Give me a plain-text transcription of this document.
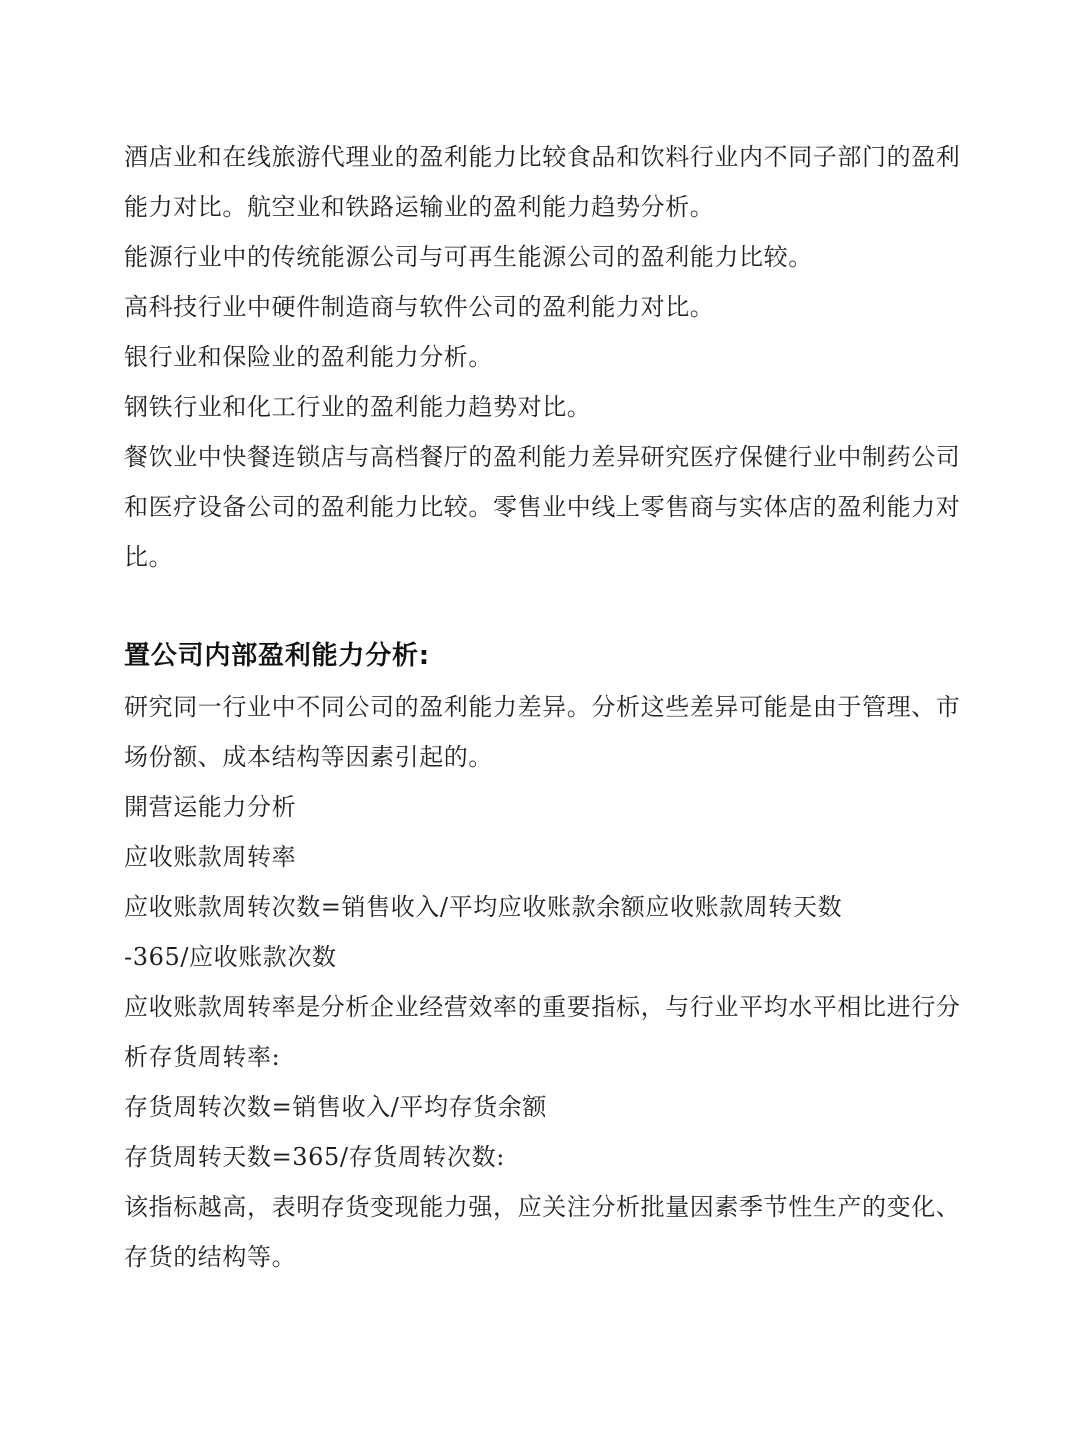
酒店业和在线旅游代理业的盈利能力比较食品和饮料行业内不同子部门的盈利能力对比。航空业和铁路运输业的盈利能力趋势分析。

能源行业中的传统能源公司与可再生能源公司的盈利能力比较。

高科技行业中硬件制造商与软件公司的盈利能力对比。

银行业和保险业的盈利能力分析。

钢铁行业和化工行业的盈利能力趋势对比。

餐饮业中快餐连锁店与高档餐厅的盈利能力差异研究医疗保健行业中制药公司和医疗设备公司的盈利能力比较。零售业中线上零售商与实体店的盈利能力对比。

置公司内部盈利能力分析:

研究同一行业中不同公司的盈利能力差异。分析这些差异可能是由于管理、市场份额、成本结构等因素引起的。

開营运能力分析

应收账款周转率

应收账款周转次数=销售收入/平均应收账款余额应收账款周转天数

-365/应收账款次数

应收账款周转率是分析企业经营效率的重要指标，与行业平均水平相比进行分析存货周转率:

存货周转次数=销售收入/平均存货余额

存货周转天数=365/存货周转次数:

该指标越高，表明存货变现能力强，应关注分析批量因素季节性生产的变化、存货的结构等。
